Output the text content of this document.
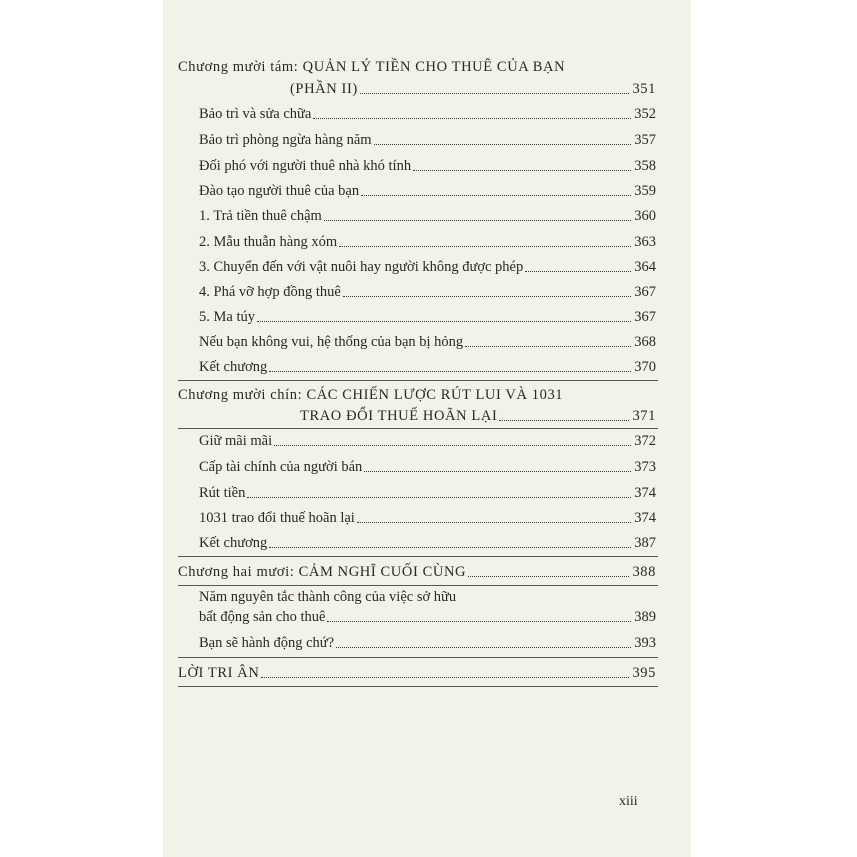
Chương mười tám: QUẢN LÝ TIỀN CHO THUÊ CỦA BẠN
(PHẦN II)	351
Bảo trì và sửa chữa	352
Bảo trì phòng ngừa hàng năm	357
Đối phó với người thuê nhà khó tính	358
Đào tạo người thuê của bạn	359
1. Trả tiền thuê chậm	360
2. Mẫu thuẫn hàng xóm	363
3. Chuyển đến với vật nuôi hay người không được phép	364
4. Phá vỡ hợp đồng thuê	367
5. Ma túy	367
Nếu bạn không vui, hệ thống của bạn bị hỏng	368
Kết chương	370
Chương mười chín: CÁC CHIẾN LƯỢC RÚT LUI VÀ 1031
TRAO ĐỔI THUẾ HOÃN LẠI	371
Giữ mãi mãi	372
Cấp tài chính của người bán	373
Rút tiền	374
1031 trao đổi thuế hoãn lại	374
Kết chương	387
Chương hai mươi: CẢM NGHĨ CUỐI CÙNG	388
Năm nguyên tắc thành công của việc sở hữu
bất động sản cho thuê	389
Bạn sẽ hành động chứ?	393
LỜI TRI ÂN	395
xiii
